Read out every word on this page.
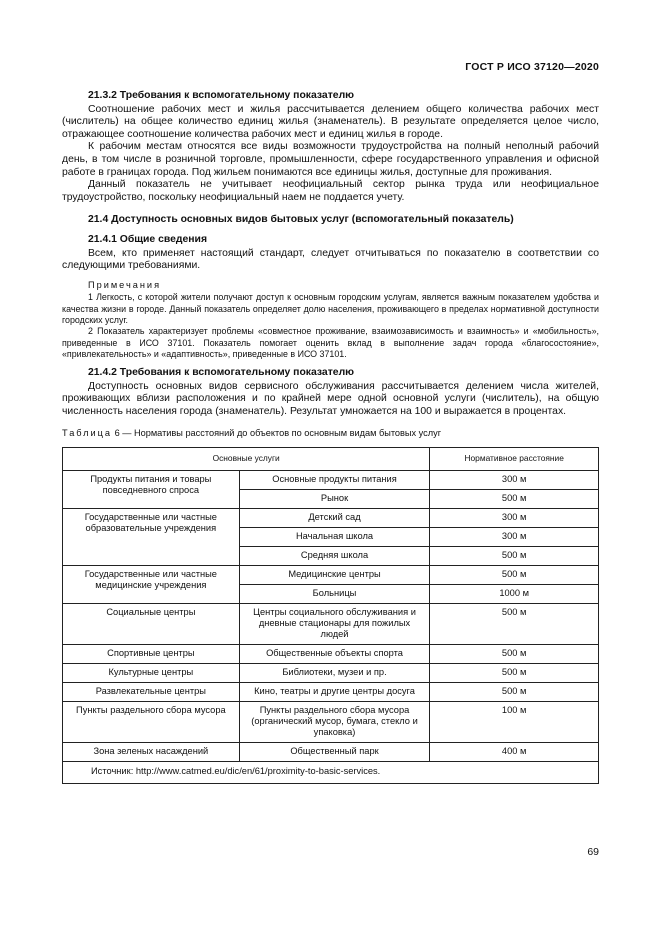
ГОСТ Р ИСО 37120—2020
21.3.2 Требования к вспомогательному показателю

Соотношение рабочих мест и жилья рассчитывается делением общего количества рабочих мест (числитель) на общее количество единиц жилья (знаменатель). В результате определяется целое число, отражающее соотношение количества рабочих мест и единиц жилья в городе.

К рабочим местам относятся все виды возможности трудоустройства на полный неполный рабочий день, в том числе в розничной торговле, промышленности, сфере государственного управления и офисной работе в границах города. Под жильем понимаются все единицы жилья, доступные для проживания.

Данный показатель не учитывает неофициальный сектор рынка труда или неофициальное трудоустройство, поскольку неофициальный наем не поддается учету.

21.4 Доступность основных видов бытовых услуг (вспомогательный показатель)
21.4.1 Общие сведения

Всем, кто применяет настоящий стандарт, следует отчитываться по показателю в соответствии со следующими требованиями.

Примечания

1 Легкость, с которой жители получают доступ к основным городским услугам, является важным показателем удобства и качества жизни в городе. Данный показатель определяет долю населения, проживающего в пределах нормативной доступности городских услуг.

2 Показатель характеризует проблемы «совместное проживание, взаимозависимость и взаимность» и «мобильность», приведенные в ИСО 37101. Показатель помогает оценить вклад в выполнение задач города «благосостояние», «привлекательность» и «адаптивность», приведенные в ИСО 37101.

21.4.2 Требования к вспомогательному показателю

Доступность основных видов сервисного обслуживания рассчитывается делением числа жителей, проживающих вблизи расположения и по крайней мере одной основной услуги (числитель), на общую численность населения города (знаменатель). Результат умножается на 100 и выражается в процентах.

Таблица 6 — Нормативы расстояний до объектов по основным видам бытовых услуг
Основные услуги		Нормативное расстояние
Продукты питания и товары повседневного спроса	Основные продукты питания	300 м
	Рынок	500 м
Государственные или частные образовательные учреждения	Детский сад	300 м
	Начальная школа	300 м
	Средняя школа	500 м
Государственные или частные медицинские учреждения	Медицинские центры	500 м
	Больницы	1000 м
Социальные центры	Центры социального обслуживания и дневные стационары для пожилых людей	500 м
Спортивные центры	Общественные объекты спорта	500 м
Культурные центры	Библиотеки, музеи и пр.	500 м
Развлекательные центры	Кино, театры и другие центры досуга	500 м
Пункты раздельного сбора мусора	Пункты раздельного сбора мусора (органический мусор, бумага, стекло и упаковка)	100 м
Зона зеленых насаждений	Общественный парк	400 м
Источник: http://www.catmed.eu/dic/en/61/proximity-to-basic-services.		
69
